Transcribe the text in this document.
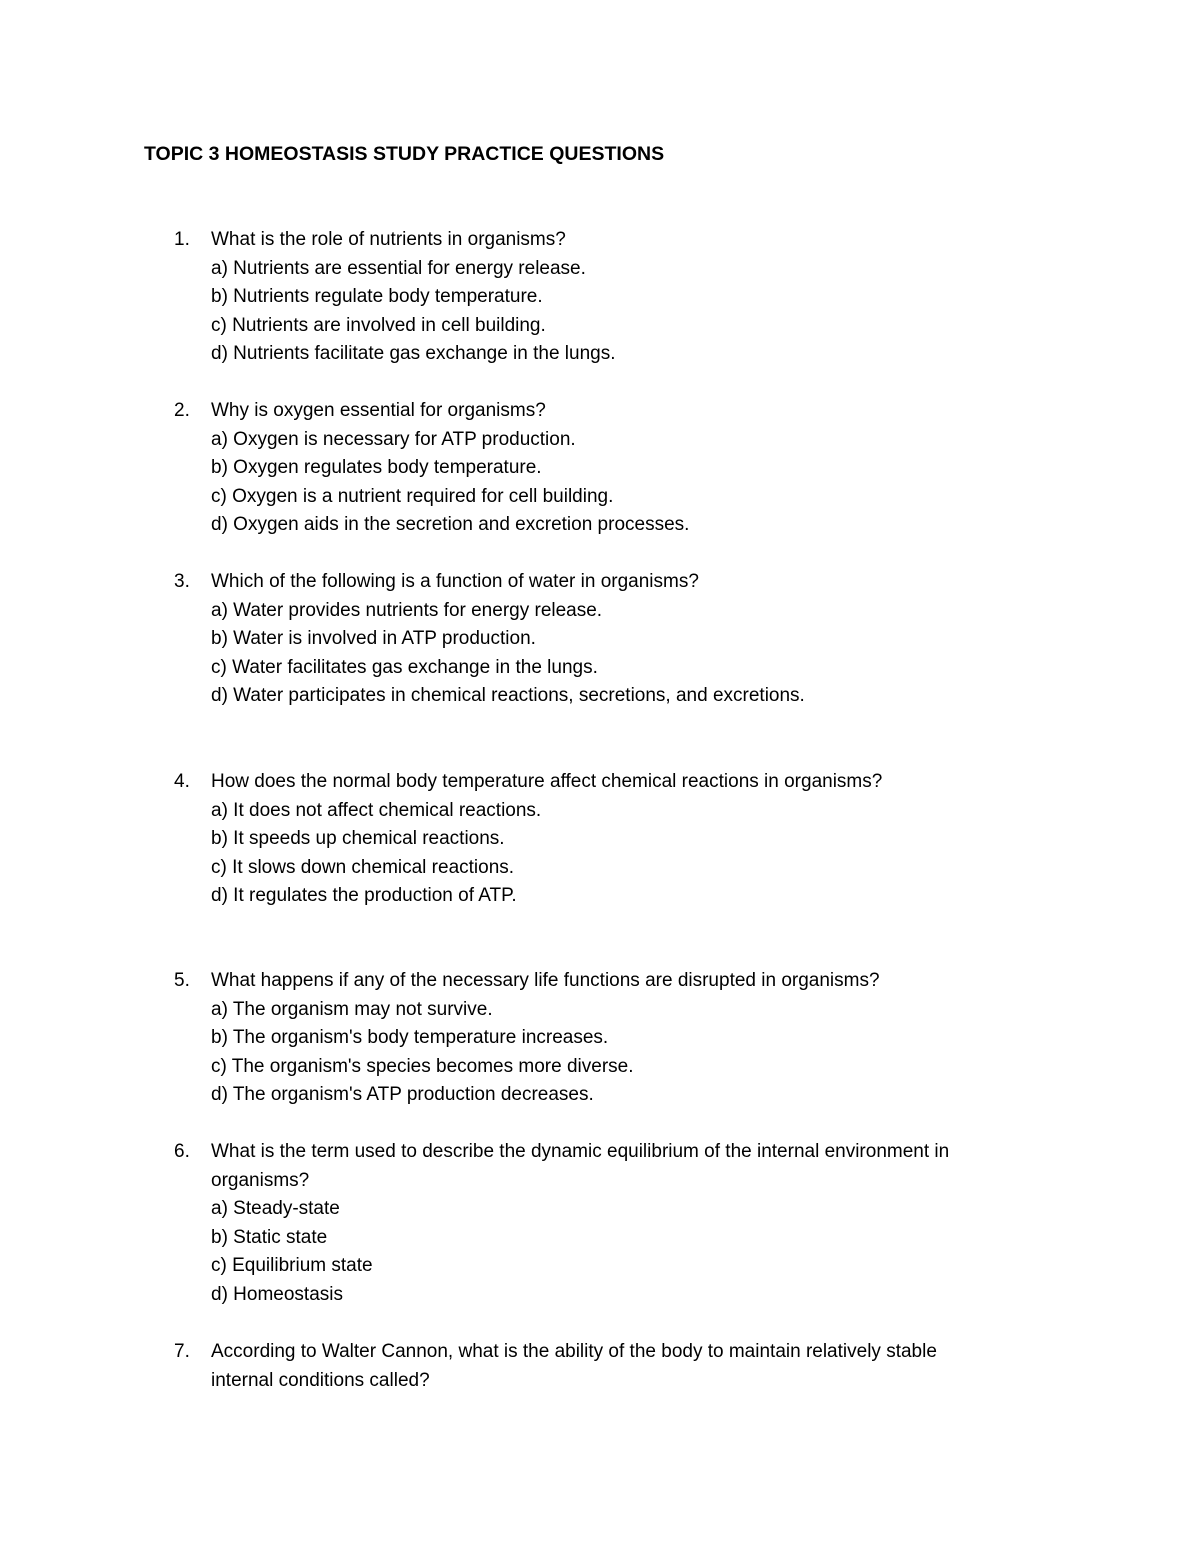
TOPIC 3 HOMEOSTASIS STUDY PRACTICE QUESTIONS
1. What is the role of nutrients in organisms?
a) Nutrients are essential for energy release.
b) Nutrients regulate body temperature.
c) Nutrients are involved in cell building.
d) Nutrients facilitate gas exchange in the lungs.
2. Why is oxygen essential for organisms?
a) Oxygen is necessary for ATP production.
b) Oxygen regulates body temperature.
c) Oxygen is a nutrient required for cell building.
d) Oxygen aids in the secretion and excretion processes.
3. Which of the following is a function of water in organisms?
a) Water provides nutrients for energy release.
b) Water is involved in ATP production.
c) Water facilitates gas exchange in the lungs.
d) Water participates in chemical reactions, secretions, and excretions.
4. How does the normal body temperature affect chemical reactions in organisms?
a) It does not affect chemical reactions.
b) It speeds up chemical reactions.
c) It slows down chemical reactions.
d) It regulates the production of ATP.
5. What happens if any of the necessary life functions are disrupted in organisms?
a) The organism may not survive.
b) The organism's body temperature increases.
c) The organism's species becomes more diverse.
d) The organism's ATP production decreases.
6. What is the term used to describe the dynamic equilibrium of the internal environment in
organisms?
a) Steady-state
b) Static state
c) Equilibrium state
d) Homeostasis
7. According to Walter Cannon, what is the ability of the body to maintain relatively stable
internal conditions called?
